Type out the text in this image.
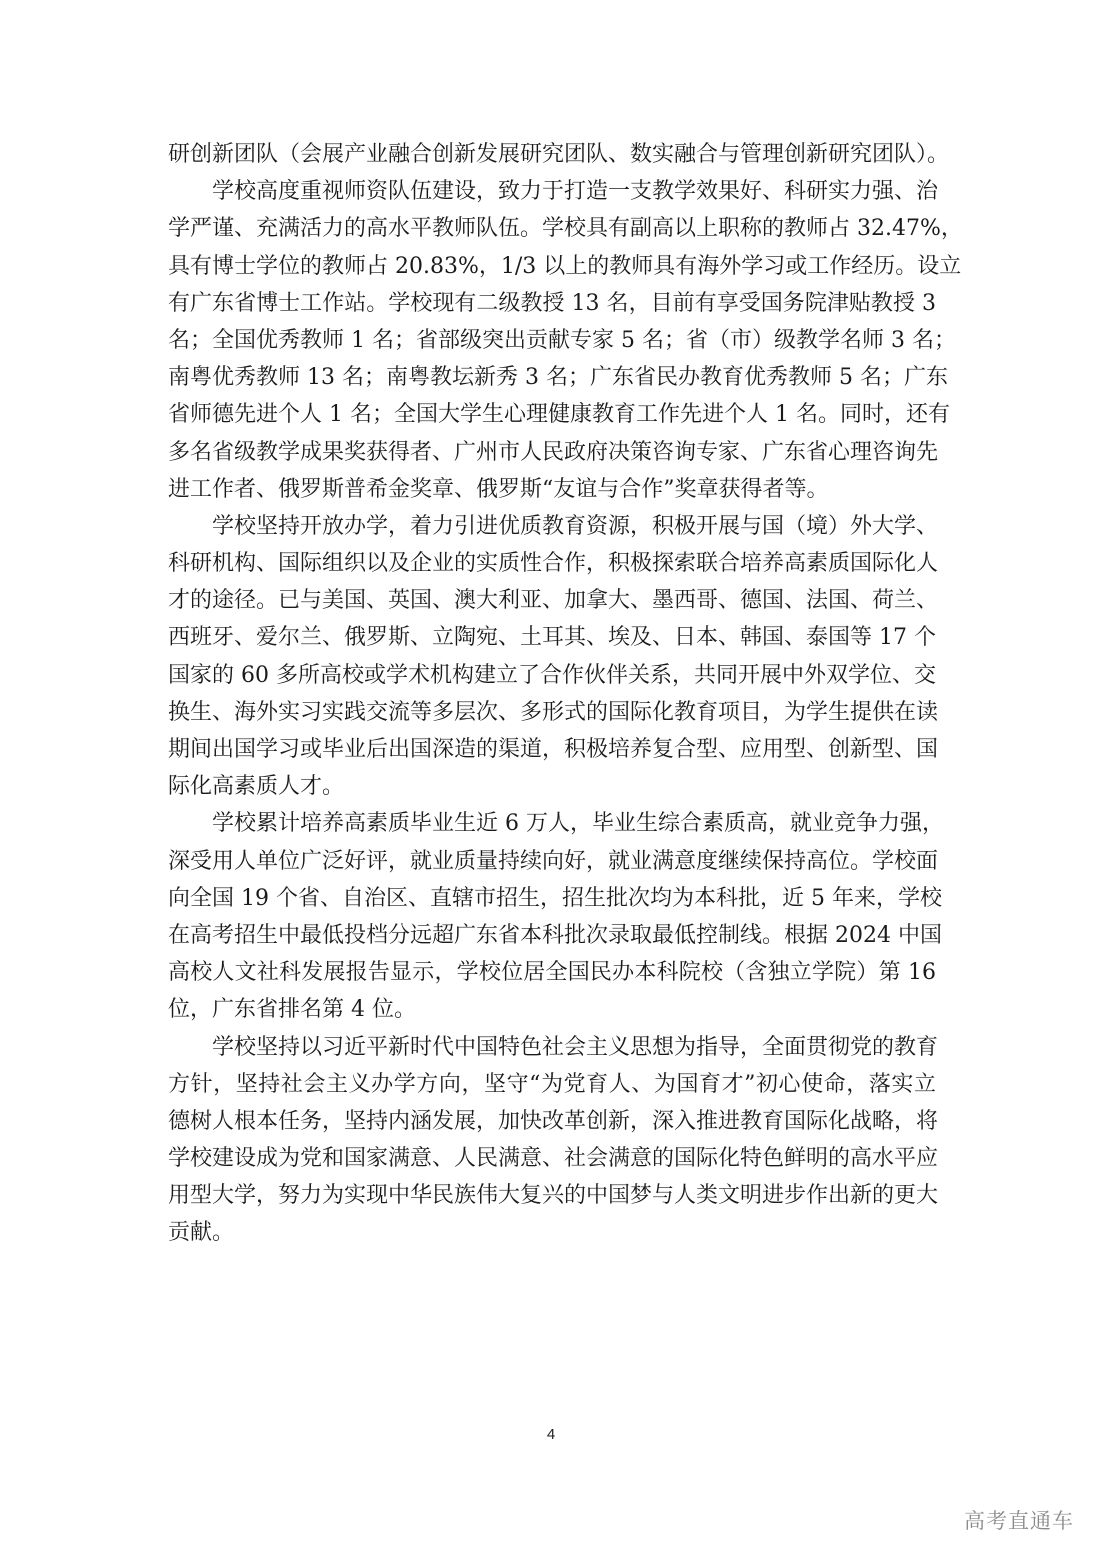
研创新团队（会展产业融合创新发展研究团队、数实融合与管理创新研究团队）。
学校高度重视师资队伍建设，致力于打造一支教学效果好、科研实力强、治
学严谨、充满活力的高水平教师队伍。学校具有副高以上职称的教师占 32.47%，
具有博士学位的教师占 20.83%，1/3 以上的教师具有海外学习或工作经历。设立
有广东省博士工作站。学校现有二级教授 13 名，目前有享受国务院津贴教授 3
名；全国优秀教师 1 名；省部级突出贡献专家 5 名；省（市）级教学名师 3 名；
南粤优秀教师 13 名；南粤教坛新秀 3 名；广东省民办教育优秀教师 5 名；广东
省师德先进个人 1 名；全国大学生心理健康教育工作先进个人 1 名。同时，还有
多名省级教学成果奖获得者、广州市人民政府决策咨询专家、广东省心理咨询先
进工作者、俄罗斯普希金奖章、俄罗斯“友谊与合作”奖章获得者等。
学校坚持开放办学，着力引进优质教育资源，积极开展与国（境）外大学、
科研机构、国际组织以及企业的实质性合作，积极探索联合培养高素质国际化人
才的途径。已与美国、英国、澳大利亚、加拿大、墨西哥、德国、法国、荷兰、
西班牙、爱尔兰、俄罗斯、立陶宛、土耳其、埃及、日本、韩国、泰国等 17 个
国家的 60 多所高校或学术机构建立了合作伙伴关系，共同开展中外双学位、交
换生、海外实习实践交流等多层次、多形式的国际化教育项目，为学生提供在读
期间出国学习或毕业后出国深造的渠道，积极培养复合型、应用型、创新型、国
际化高素质人才。
学校累计培养高素质毕业生近 6 万人，毕业生综合素质高，就业竞争力强，
深受用人单位广泛好评，就业质量持续向好，就业满意度继续保持高位。学校面
向全国 19 个省、自治区、直辖市招生，招生批次均为本科批，近 5 年来，学校
在高考招生中最低投档分远超广东省本科批次录取最低控制线。根据 2024 中国
高校人文社科发展报告显示，学校位居全国民办本科院校（含独立学院）第 16
位，广东省排名第 4 位。
学校坚持以习近平新时代中国特色社会主义思想为指导，全面贯彻党的教育
方针，坚持社会主义办学方向，坚守“为党育人、为国育才”初心使命，落实立
德树人根本任务，坚持内涵发展，加快改革创新，深入推进教育国际化战略，将
学校建设成为党和国家满意、人民满意、社会满意的国际化特色鲜明的高水平应
用型大学，努力为实现中华民族伟大复兴的中国梦与人类文明进步作出新的更大
贡献。
4
高考直通车
